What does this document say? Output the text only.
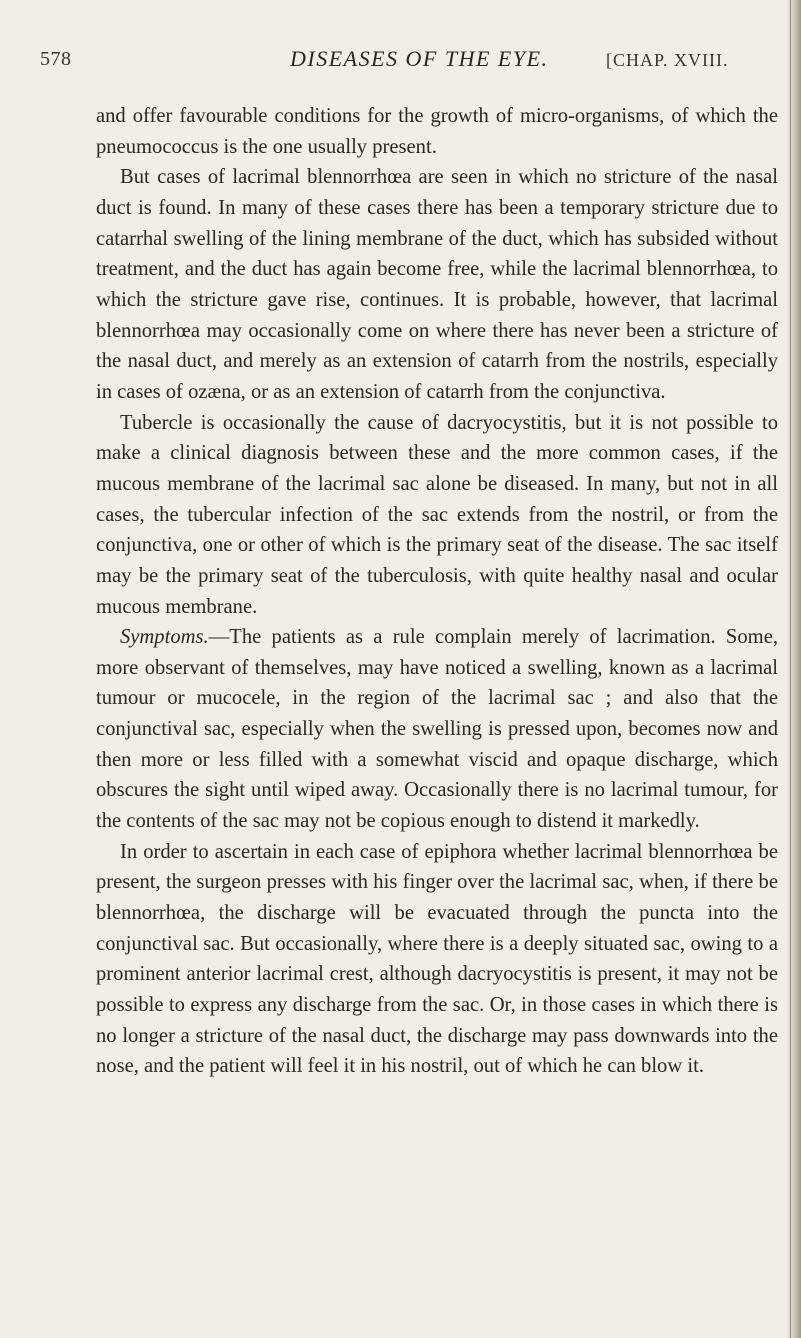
578	DISEASES OF THE EYE.	[CHAP. XVIII.

and offer favourable conditions for the growth of micro-organisms, of which the pneumococcus is the one usually present.

But cases of lacrimal blennorrhœa are seen in which no stricture of the nasal duct is found. In many of these cases there has been a temporary stricture due to catarrhal swelling of the lining membrane of the duct, which has subsided without treatment, and the duct has again become free, while the lacrimal blennorrhœa, to which the stricture gave rise, continues. It is probable, however, that lacrimal blennorrhœa may occasionally come on where there has never been a stricture of the nasal duct, and merely as an extension of catarrh from the nostrils, especially in cases of ozæna, or as an extension of catarrh from the conjunctiva.

Tubercle is occasionally the cause of dacryocystitis, but it is not possible to make a clinical diagnosis between these and the more common cases, if the mucous membrane of the lacrimal sac alone be diseased. In many, but not in all cases, the tubercular infection of the sac extends from the nostril, or from the conjunctiva, one or other of which is the primary seat of the disease. The sac itself may be the primary seat of the tuberculosis, with quite healthy nasal and ocular mucous membrane.

Symptoms.—The patients as a rule complain merely of lacrimation. Some, more observant of themselves, may have noticed a swelling, known as a lacrimal tumour or mucocele, in the region of the lacrimal sac ; and also that the conjunctival sac, especially when the swelling is pressed upon, becomes now and then more or less filled with a somewhat viscid and opaque discharge, which obscures the sight until wiped away. Occasionally there is no lacrimal tumour, for the contents of the sac may not be copious enough to distend it markedly.

In order to ascertain in each case of epiphora whether lacrimal blennorrhœa be present, the surgeon presses with his finger over the lacrimal sac, when, if there be blennorrhœa, the discharge will be evacuated through the puncta into the conjunctival sac. But occasionally, where there is a deeply situated sac, owing to a prominent anterior lacrimal crest, although dacryocystitis is present, it may not be possible to express any discharge from the sac. Or, in those cases in which there is no longer a stricture of the nasal duct, the discharge may pass downwards into the nose, and the patient will feel it in his nostril, out of which he can blow it.
